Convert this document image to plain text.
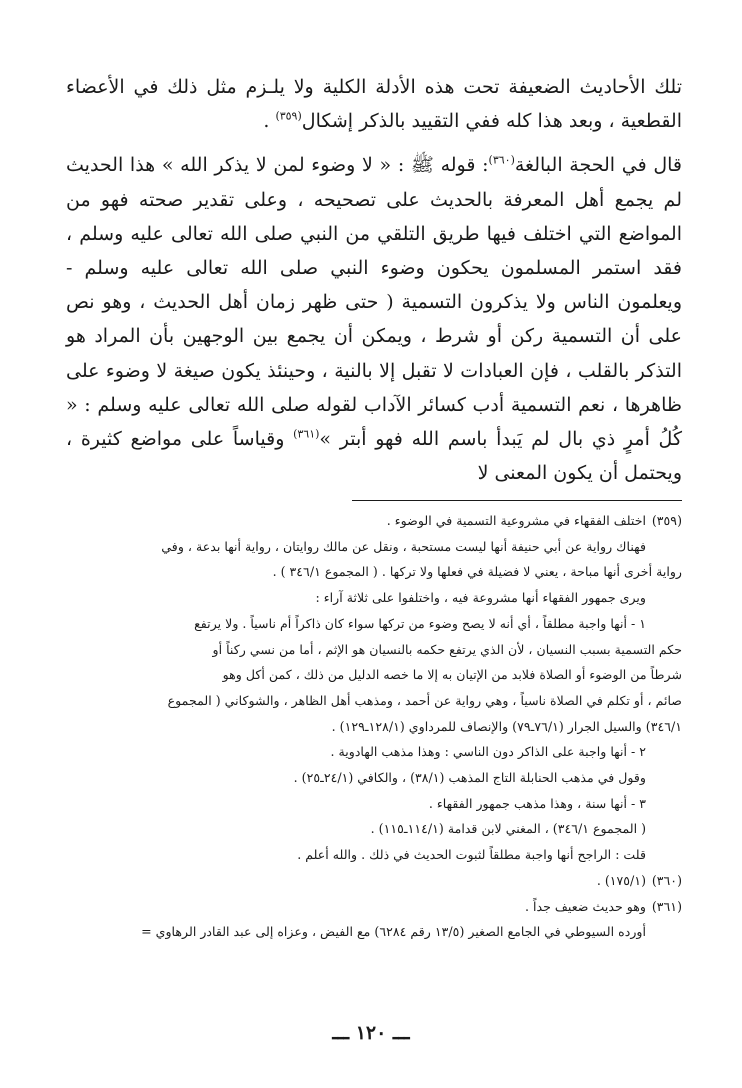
تلك الأحاديث الضعيفة تحت هذه الأدلة الكلية ولا يلـزم مثل ذلك في الأعضاء القطعية ، وبعد هذا كله ففي التقييد بالذكر إشكال$^{(٣٥٩)}$ .

قال في الحجة البالغة$^{(٣٦٠)}$: قوله ﷺ : « لا وضوء لمن لا يذكر الله » هذا الحديث لم يجمع أهل المعرفة بالحديث على تصحيحه ، وعلى تقدير صحته فهو من المواضع التي اختلف فيها طريق التلقي من النبي صلى الله تعالى عليه وسلم ، فقد استمر المسلمون يحكون وضوء النبي صلى الله تعالى عليه وسلم - ويعلمون الناس ولا يذكرون التسمية ( حتى ظهر زمان أهل الحديث ، وهو نص على أن التسمية ركن أو شرط ، ويمكن أن يجمع بين الوجهين بأن المراد هو التذكر بالقلب ، فإن العبادات لا تقبل إلا بالنية ، وحينئذ يكون صيغة لا وضوء على ظاهرها ، نعم التسمية أدب كسائر الآداب لقوله صلى الله تعالى عليه وسلم : « كُلُ أمرٍ ذي بال لم يَبدأ باسم الله فهو أبتر »$^{(٣٦١)}$ وقياساً على مواضع كثيرة ، ويحتمل أن يكون المعنى لا

(٣٥٩)
اختلف الفقهاء في مشروعية التسمية في الوضوء .
فهناك رواية عن أبي حنيفة أنها ليست مستحبة ، ونقل عن مالك روايتان ، رواية أنها بدعة ، وفي
رواية أخرى أنها مباحة ، يعني لا فضيلة في فعلها ولا تركها . ( المجموع ٣٤٦/١ ) .
ويرى جمهور الفقهاء أنها مشروعة فيه ، واختلفوا على ثلاثة آراء :
١ - أنها واجبة مطلقاً ، أي أنه لا يصح وضوء من تركها سواء كان ذاكراً أم ناسياً . ولا يرتفع
حكم التسمية بسبب النسيان ، لأن الذي يرتفع حكمه بالنسيان هو الإثم ، أما من نسي ركناً أو
شرطاً من الوضوء أو الصلاة فلابد من الإتيان به إلا ما خصه الدليل من ذلك ، كمن أكل وهو
صائم ، أو تكلم في الصلاة ناسياً ، وهي رواية عن أحمد ، ومذهب أهل الظاهر ، والشوكاني ( المجموع
٣٤٦/١) والسيل الجرار (٧٦/١ـ٧٩) والإنصاف للمرداوي (١٢٨/١ـ١٢٩) .
٢ - أنها واجبة على الذاكر دون الناسي : وهذا مذهب الهادوية .
وقول في مذهب الحنابلة التاج المذهب (٣٨/١) ، والكافي (٢٤/١ـ٢٥) .
٣ - أنها سنة ، وهذا مذهب جمهور الفقهاء .
( المجموع ٣٤٦/١) ، المغني لابن قدامة (١١٤/١ـ١١٥) .
قلت : الراجح أنها واجبة مطلقاً لثبوت الحديث في ذلك . والله أعلم .
(٣٦٠)
(١٧٥/١) .
(٣٦١)
وهو حديث ضعيف جداً .
أورده السيوطي في الجامع الصغير (١٣/٥ رقم ٦٢٨٤) مع الفيض ، وعزاه إلى عبد القادر الرهاوي =
ـــ ١٢٠ ـــ
